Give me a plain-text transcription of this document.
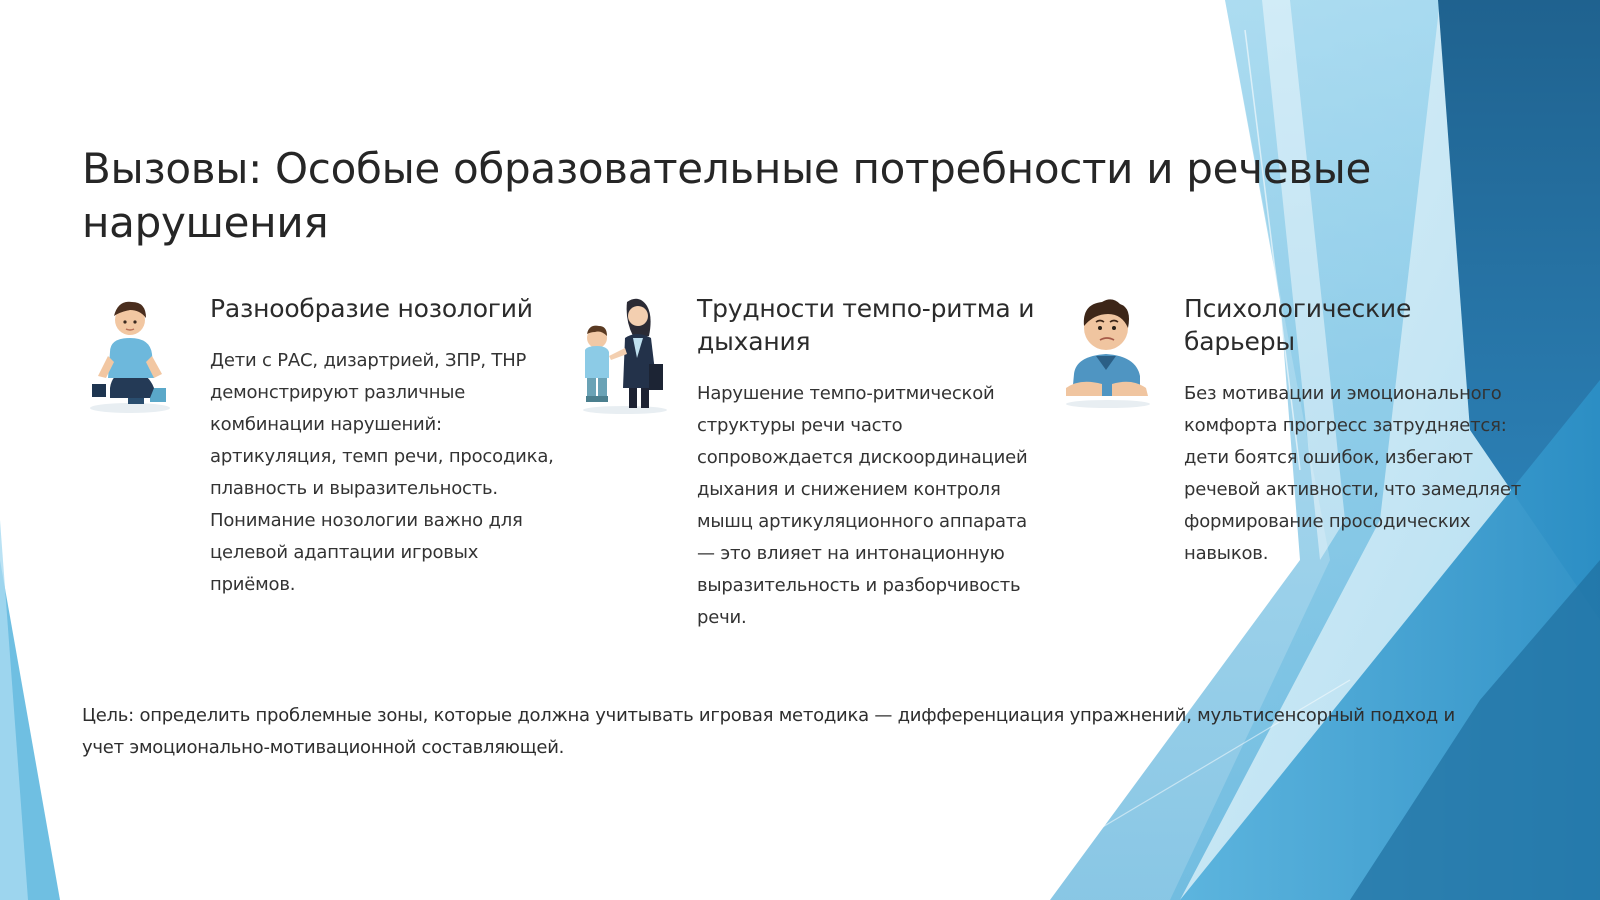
Вызовы: Особые образовательные потребности и речевые нарушения
Разнообразие нозологий

Дети с РАС, дизартрией, ЗПР, ТНР демонстрируют различные комбинации нарушений: артикуляция, темп речи, просодика, плавность и выразительность. Понимание нозологии важно для целевой адаптации игровых приёмов.

Трудности темпо-ритма и дыхания

Нарушение темпо-ритмической структуры речи часто сопровождается дискоординацией дыхания и снижением контроля мышц артикуляционного аппарата — это влияет на интонационную выразительность и разборчивость речи.

Психологические барьеры

Без мотивации и эмоционального комфорта прогресс затрудняется: дети боятся ошибок, избегают речевой активности, что замедляет формирование просодических навыков.

Цель: определить проблемные зоны, которые должна учитывать игровая методика — дифференциация упражнений, мультисенсорный подход и учет эмоционально-мотивационной составляющей.
